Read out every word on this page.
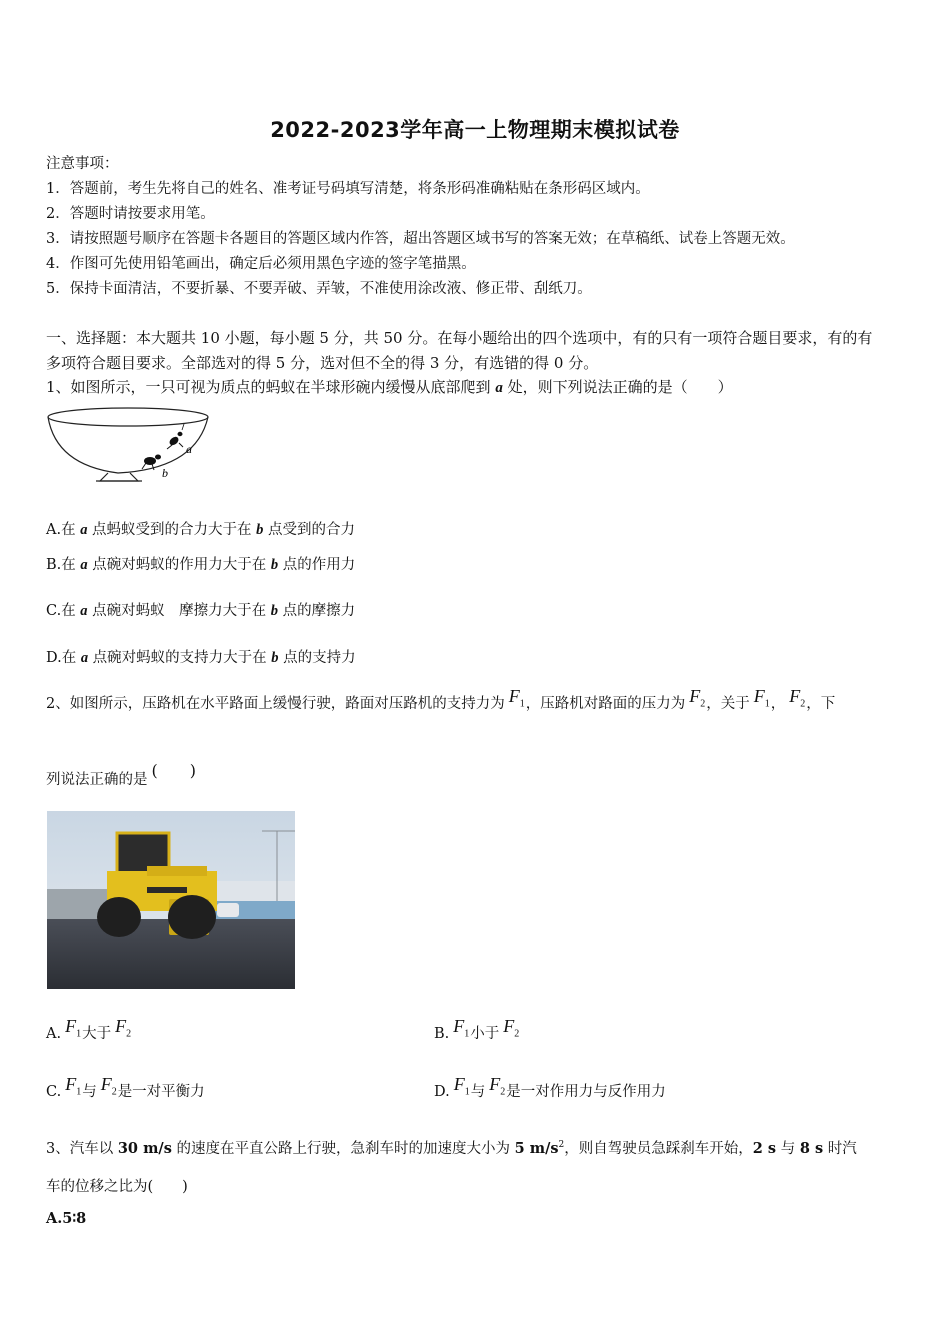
2022-2023学年高一上物理期末模拟试卷
注意事项：
1．答题前，考生先将自己的姓名、准考证号码填写清楚，将条形码准确粘贴在条形码区域内。
2．答题时请按要求用笔。
3．请按照题号顺序在答题卡各题目的答题区域内作答，超出答题区域书写的答案无效；在草稿纸、试卷上答题无效。
4．作图可先使用铅笔画出，确定后必须用黑色字迹的签字笔描黑。
5．保持卡面清洁，不要折暴、不要弄破、弄皱，不准使用涂改液、修正带、刮纸刀。
一、选择题：本大题共 10 小题，每小题 5 分，共 50 分。在每小题给出的四个选项中，有的只有一项符合题目要求，有的有
多项符合题目要求。全部选对的得 5 分，选对但不全的得 3 分，有选错的得 0 分。
1、如图所示，一只可视为质点的蚂蚁在半球形碗内缓慢从底部爬到 a 处，则下列说法正确的是（　　）
a
b
A.在 a 点蚂蚁受到的合力大于在 b 点受到的合力
B.在 a 点碗对蚂蚁的作用力大于在 b 点的作用力
C.在 a 点碗对蚂蚁　摩擦力大于在 b 点的摩擦力
D.在 a 点碗对蚂蚁的支持力大于在 b 点的支持力
2、如图所示，压路机在水平路面上缓慢行驶，路面对压路机的支持力为 $F_1$，压路机对路面的压力为 $F_2$，关于 $F_1$， $F_2$，下
列说法正确的是 (　　)
A. $F_1$大于 $F_2$	B. $F_1$小于 $F_2$
C. $F_1$与 $F_2$是一对平衡力	D. $F_1$与 $F_2$是一对作用力与反作用力
3、汽车以 30 m/s 的速度在平直公路上行驶，急刹车时的加速度大小为 5 $m/s^2$，则自驾驶员急踩刹车开始，2 s 与 8 s 时汽
车的位移之比为(　　)
A.5∶8
